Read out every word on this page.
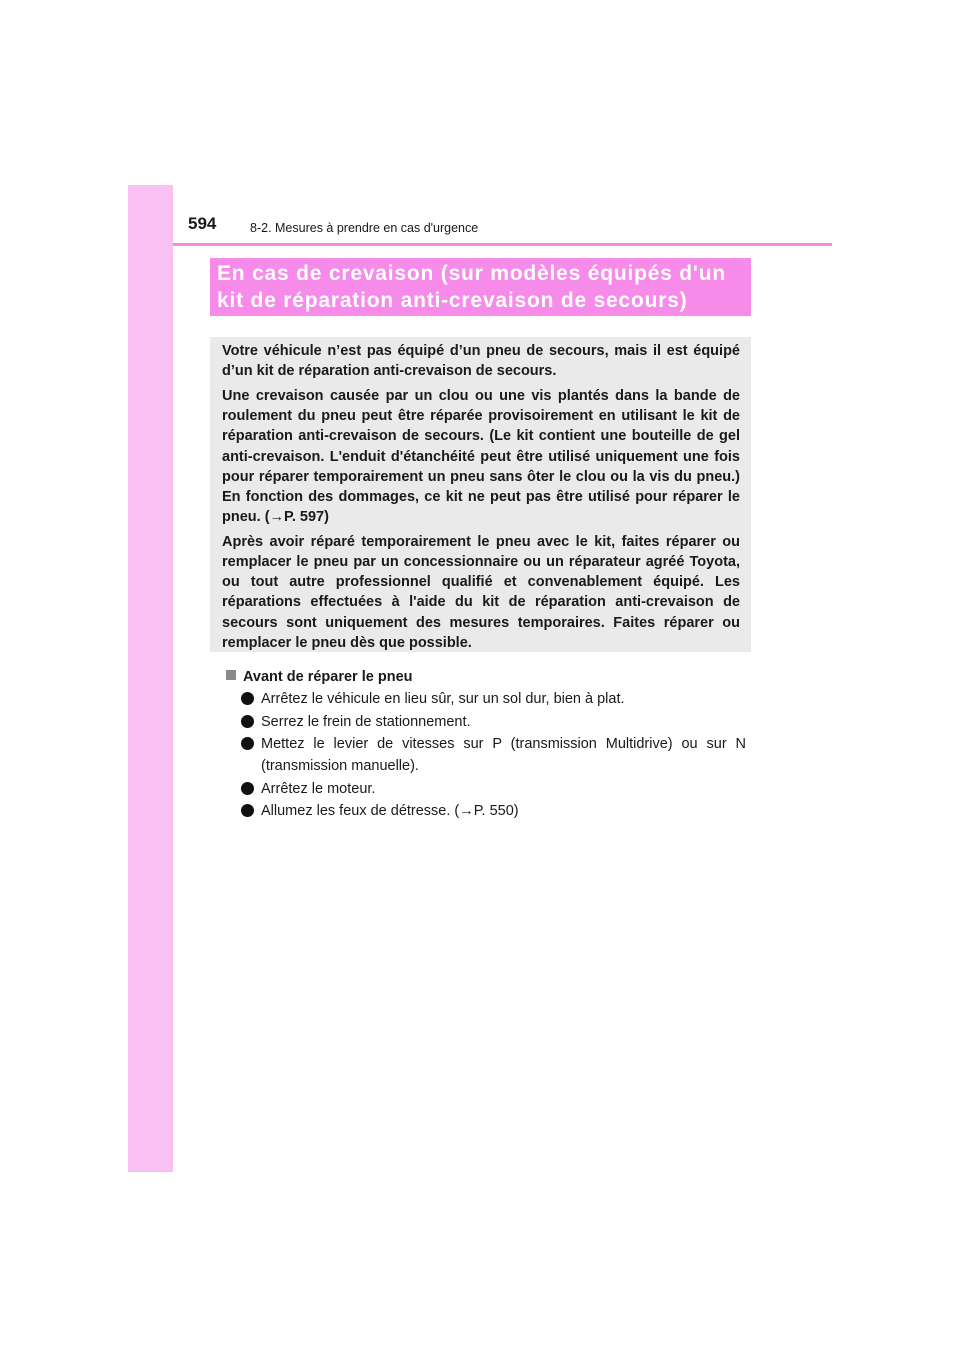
594	8-2. Mesures à prendre en cas d'urgence
En cas de crevaison (sur modèles équipés d'un
kit de réparation anti-crevaison de secours)

Votre véhicule n’est pas équipé d’un pneu de secours, mais il est équipé d’un kit de réparation anti-crevaison de secours.

Une crevaison causée par un clou ou une vis plantés dans la bande de roulement du pneu peut être réparée provisoirement en utilisant le kit de réparation anti-crevaison de secours. (Le kit contient une bouteille de gel anti-crevaison. L'enduit d'étanchéité peut être utilisé uniquement une fois pour réparer temporairement un pneu sans ôter le clou ou la vis du pneu.) En fonction des dommages, ce kit ne peut pas être utilisé pour réparer le pneu. (→P. 597)

Après avoir réparé temporairement le pneu avec le kit, faites réparer ou remplacer le pneu par un concessionnaire ou un réparateur agréé Toyota, ou tout autre professionnel qualifié et convenablement équipé. Les réparations effectuées à l'aide du kit de réparation anti-crevaison de secours sont uniquement des mesures temporaires. Faites réparer ou remplacer le pneu dès que possible.

Avant de réparer le pneu
Arrêtez le véhicule en lieu sûr, sur un sol dur, bien à plat.
Serrez le frein de stationnement.
Mettez le levier de vitesses sur P (transmission Multidrive) ou sur N (transmission manuelle).
Arrêtez le moteur.
Allumez les feux de détresse. (→P. 550)
